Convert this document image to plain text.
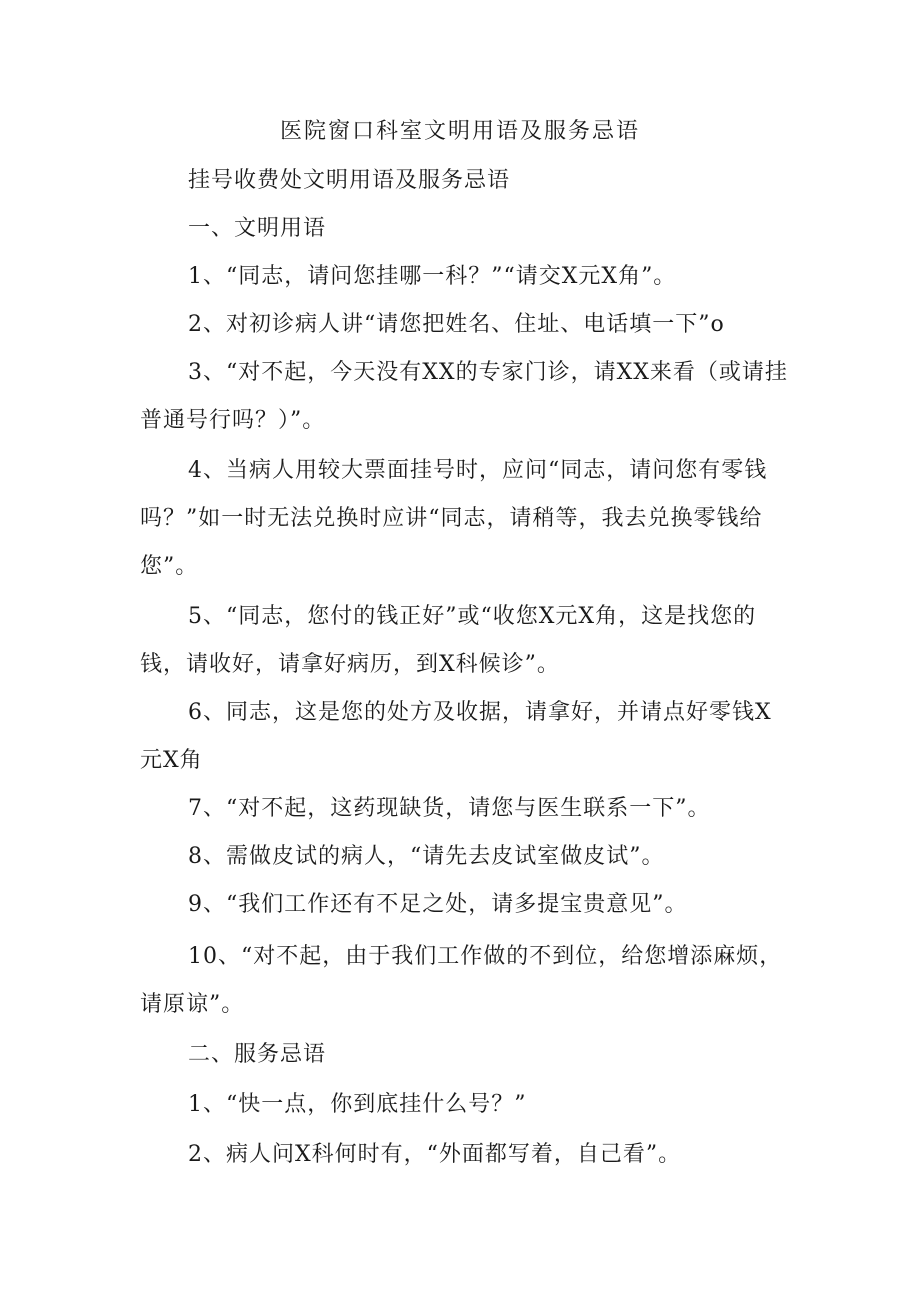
医院窗口科室文明用语及服务忌语

挂号收费处文明用语及服务忌语

一、文明用语

1、“同志，请问您挂哪一科？”“请交X元X角”。

2、对初诊病人讲“请您把姓名、住址、电话填一下”o

3、“对不起，今天没有XX的专家门诊，请XX来看（或请挂普通号行吗？）”。

4、当病人用较大票面挂号时，应问“同志，请问您有零钱吗？”如一时无法兑换时应讲“同志，请稍等，我去兑换零钱给您”。

5、“同志，您付的钱正好”或“收您X元X角，这是找您的钱，请收好，请拿好病历，到X科候诊”。

6、同志，这是您的处方及收据，请拿好，并请点好零钱X元X角

7、“对不起，这药现缺货，请您与医生联系一下”。

8、需做皮试的病人，“请先去皮试室做皮试”。

9、“我们工作还有不足之处，请多提宝贵意见”。

10、“对不起，由于我们工作做的不到位，给您增添麻烦，请原谅”。

二、服务忌语

1、“快一点，你到底挂什么号？”

2、病人问X科何时有，“外面都写着，自己看”。
